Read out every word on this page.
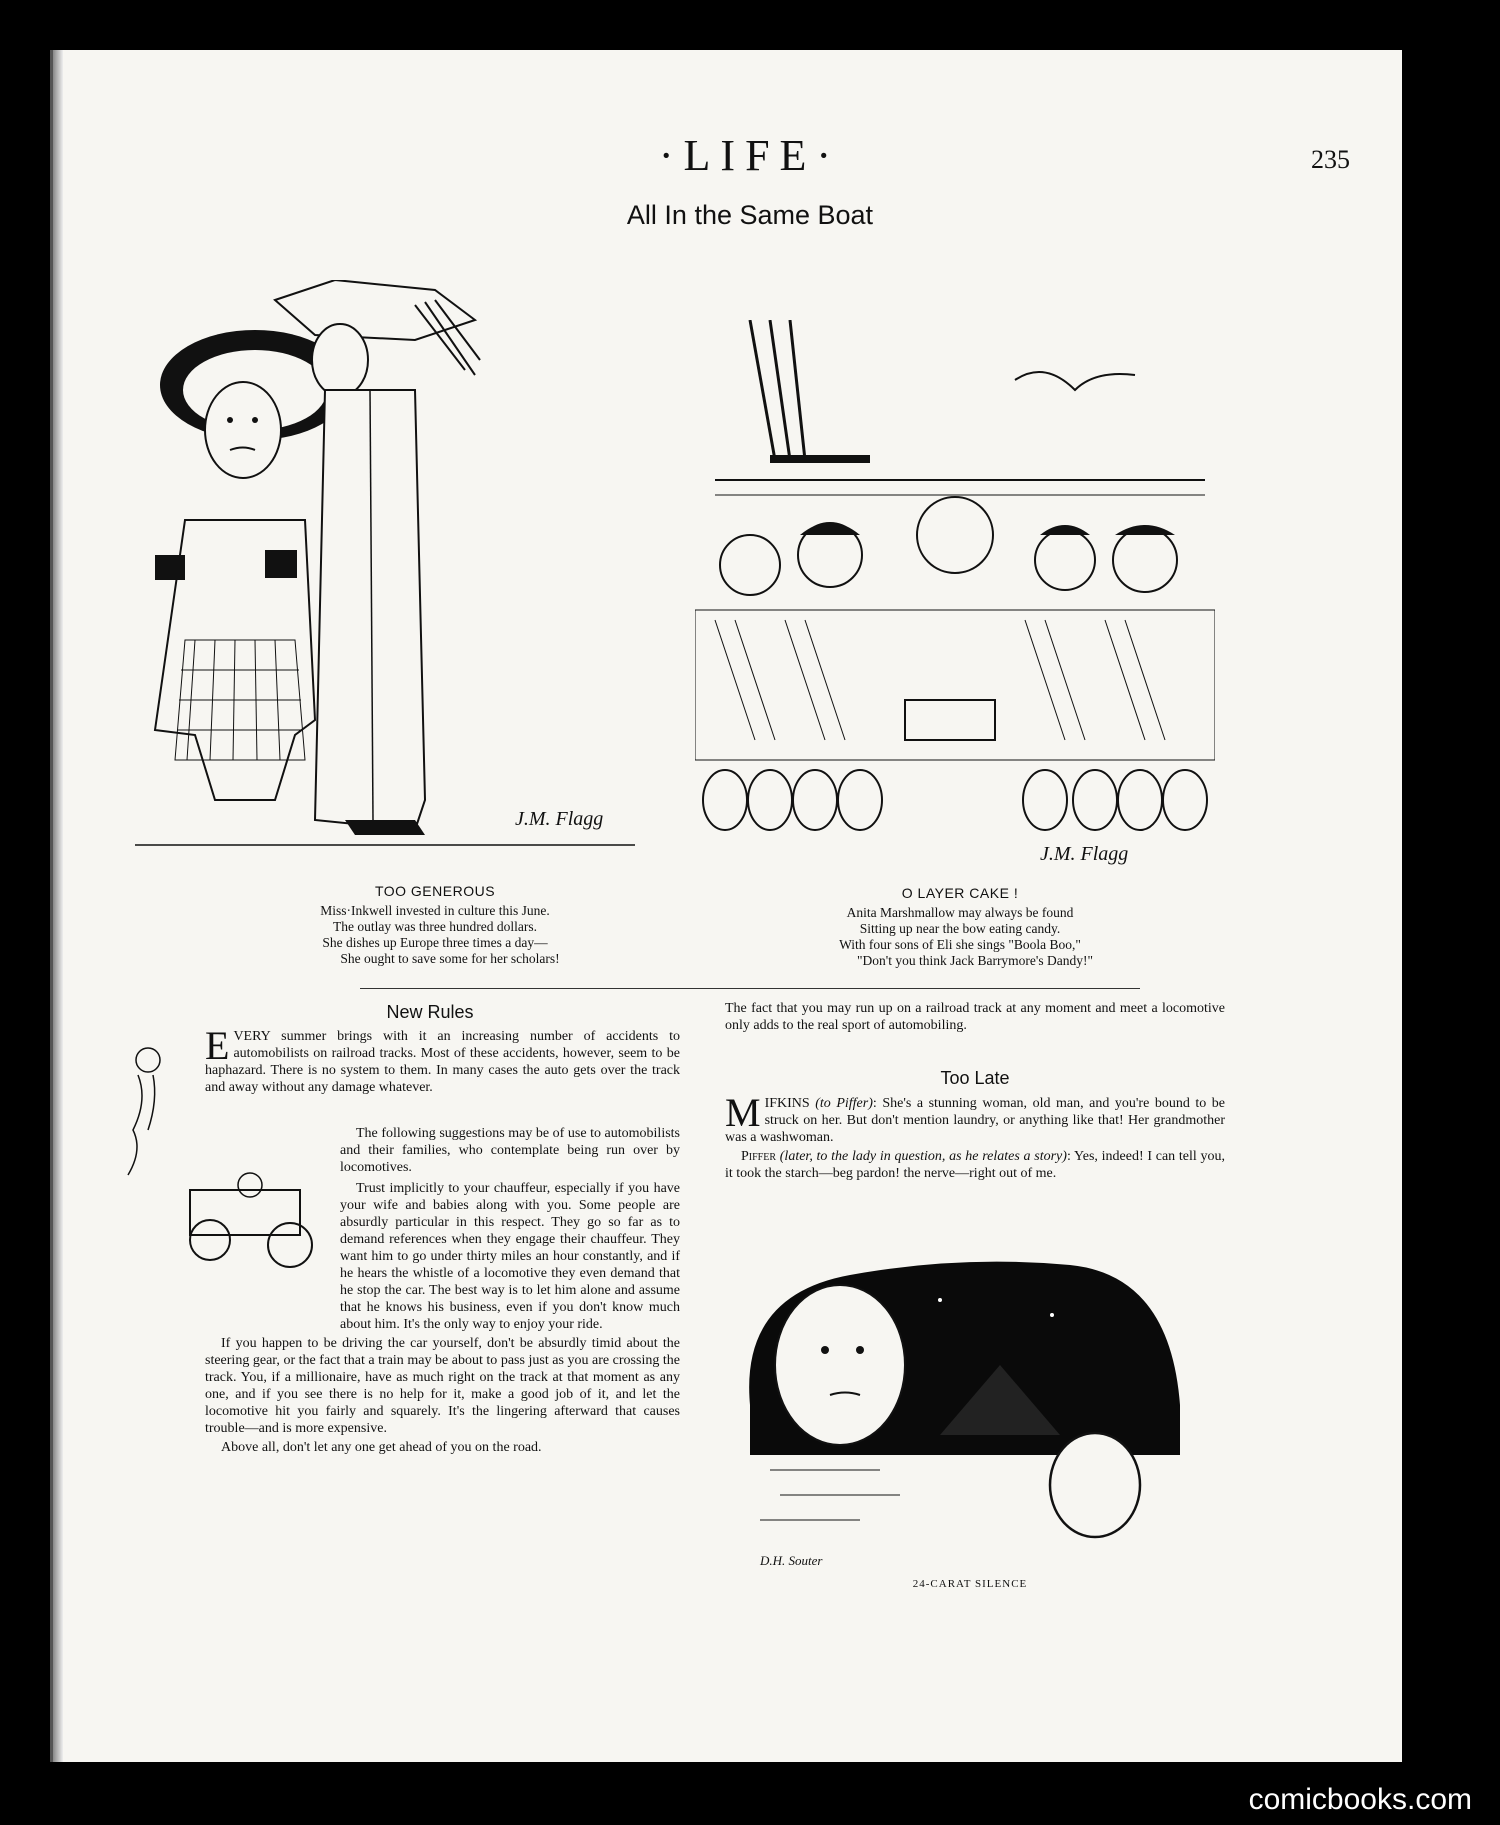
·LIFE·	235
All In the Same Boat
J.M. Flagg
J.M. Flagg
TOO GENEROUS
Miss·Inkwell invested in culture this June.
The outlay was three hundred dollars.
She dishes up Europe three times a day—
She ought to save some for her scholars!
O LAYER CAKE !
Anita Marshmallow may always be found
Sitting up near the bow eating candy.
With four sons of Eli she sings "Boola Boo,"
"Don't you think Jack Barrymore's Dandy!"
New Rules

EVERY summer brings with it an increasing number of accidents to automobilists on railroad tracks. Most of these accidents, however, seem to be haphazard. There is no system to them. In many cases the auto gets over the track and away without any damage whatever.

The following suggestions may be of use to automobilists and their families, who contemplate being run over by locomotives.

Trust implicitly to your chauffeur, especially if you have your wife and babies along with you. Some people are absurdly particular in this respect. They go so far as to demand references when they engage their chauffeur. They want him to go under thirty miles an hour constantly, and if he hears the whistle of a locomotive they even demand that he stop the car. The best way is to let him alone and assume that he knows his business, even if you don't know much about him. It's the only way to enjoy your ride.

If you happen to be driving the car yourself, don't be absurdly timid about the steering gear, or the fact that a train may be about to pass just as you are crossing the track. You, if a millionaire, have as much right on the track at that moment as any one, and if you see there is no help for it, make a good job of it, and let the locomotive hit you fairly and squarely. It's the lingering afterward that causes trouble—and is more expensive.

Above all, don't let any one get ahead of you on the road.

The fact that you may run up on a railroad track at any moment and meet a locomotive only adds to the real sport of automobiling.
Too Late

M IFKINS (to Piffer): She's a stunning woman, old man, and you're bound to be struck on her. But don't mention laundry, or anything like that! Her grandmother was a washwoman.

Piffer (later, to the lady in question, as he relates a story): Yes, indeed! I can tell you, it took the starch—beg pardon! the nerve—right out of me.

D.H. Souter
24-CARAT SILENCE
comicbooks.com
